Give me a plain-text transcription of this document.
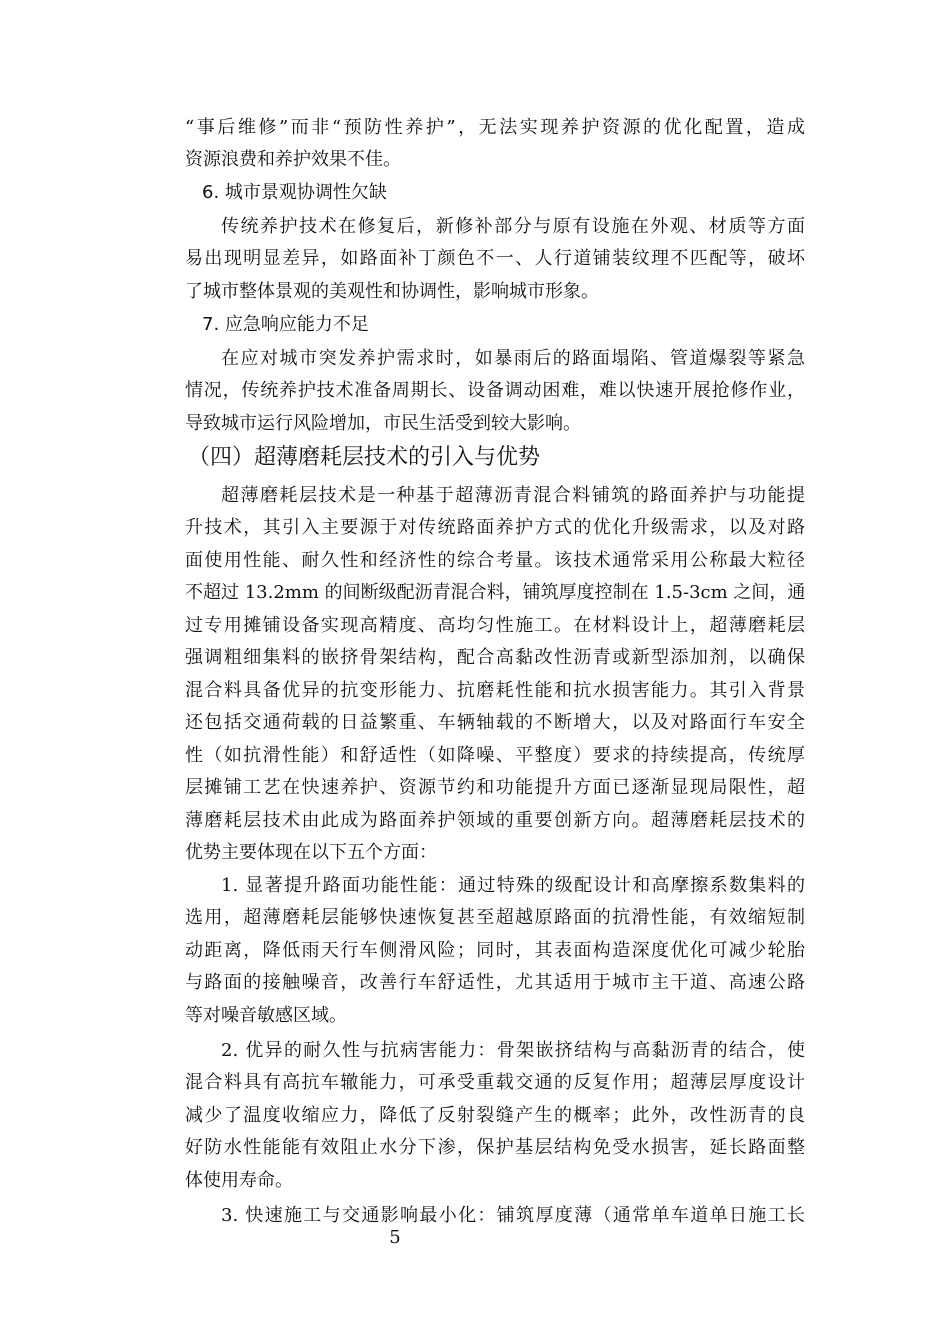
“事后维修”而非“预防性养护”，无法实现养护资源的优化配置，造成
资源浪费和养护效果不佳。
6. 城市景观协调性欠缺
传统养护技术在修复后，新修补部分与原有设施在外观、材质等方面
易出现明显差异，如路面补丁颜色不一、人行道铺装纹理不匹配等，破坏
了城市整体景观的美观性和协调性，影响城市形象。
7. 应急响应能力不足
在应对城市突发养护需求时，如暴雨后的路面塌陷、管道爆裂等紧急
情况，传统养护技术准备周期长、设备调动困难，难以快速开展抢修作业，
导致城市运行风险增加，市民生活受到较大影响。
（四）超薄磨耗层技术的引入与优势
超薄磨耗层技术是一种基于超薄沥青混合料铺筑的路面养护与功能提
升技术，其引入主要源于对传统路面养护方式的优化升级需求，以及对路
面使用性能、耐久性和经济性的综合考量。该技术通常采用公称最大粒径
不超过 13.2mm 的间断级配沥青混合料，铺筑厚度控制在 1.5-3cm 之间，通
过专用摊铺设备实现高精度、高均匀性施工。在材料设计上，超薄磨耗层
强调粗细集料的嵌挤骨架结构，配合高黏改性沥青或新型添加剂，以确保
混合料具备优异的抗变形能力、抗磨耗性能和抗水损害能力。其引入背景
还包括交通荷载的日益繁重、车辆轴载的不断增大，以及对路面行车安全
性（如抗滑性能）和舒适性（如降噪、平整度）要求的持续提高，传统厚
层摊铺工艺在快速养护、资源节约和功能提升方面已逐渐显现局限性，超
薄磨耗层技术由此成为路面养护领域的重要创新方向。超薄磨耗层技术的
优势主要体现在以下五个方面：
1. 显著提升路面功能性能：通过特殊的级配设计和高摩擦系数集料的
选用，超薄磨耗层能够快速恢复甚至超越原路面的抗滑性能，有效缩短制
动距离，降低雨天行车侧滑风险；同时，其表面构造深度优化可减少轮胎
与路面的接触噪音，改善行车舒适性，尤其适用于城市主干道、高速公路
等对噪音敏感区域。
2. 优异的耐久性与抗病害能力：骨架嵌挤结构与高黏沥青的结合，使
混合料具有高抗车辙能力，可承受重载交通的反复作用；超薄层厚度设计
减少了温度收缩应力，降低了反射裂缝产生的概率；此外，改性沥青的良
好防水性能能有效阻止水分下渗，保护基层结构免受水损害，延长路面整
体使用寿命。
3. 快速施工与交通影响最小化：铺筑厚度薄（通常单车道单日施工长
5
